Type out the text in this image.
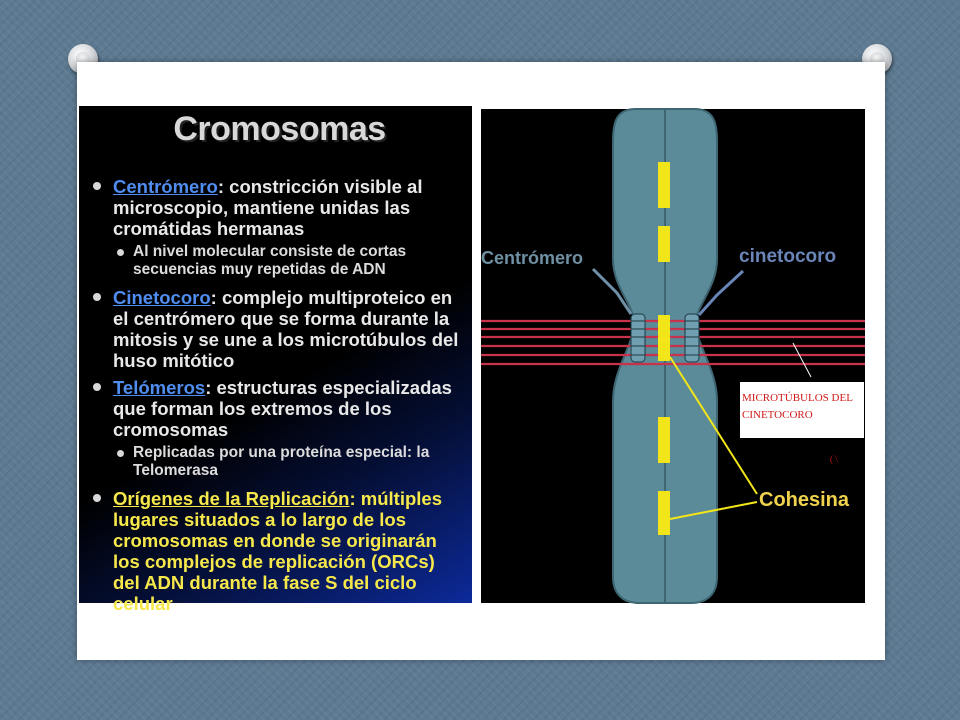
Cromosomas
Centrómero: constricción visible al microscopio, mantiene unidas las cromátidas hermanas
Al nivel molecular consiste de cortas secuencias muy repetidas de ADN
Cinetocoro: complejo multiproteico en el centrómero que se forma durante la mitosis y se une a los microtúbulos del huso mitótico
Telómeros: estructuras especializadas que forman los extremos de los cromosomas
Replicadas por una proteína especial: la Telomerasa
Orígenes de la Replicación: múltiples lugares situados a lo largo de los cromosomas en donde se originarán los complejos de replicación (ORCs) del ADN durante la fase S del ciclo celular
Centrómero	cinetocoro
Cohesina
MICROTÚBULOS DEL
CINETOCORO
( \
